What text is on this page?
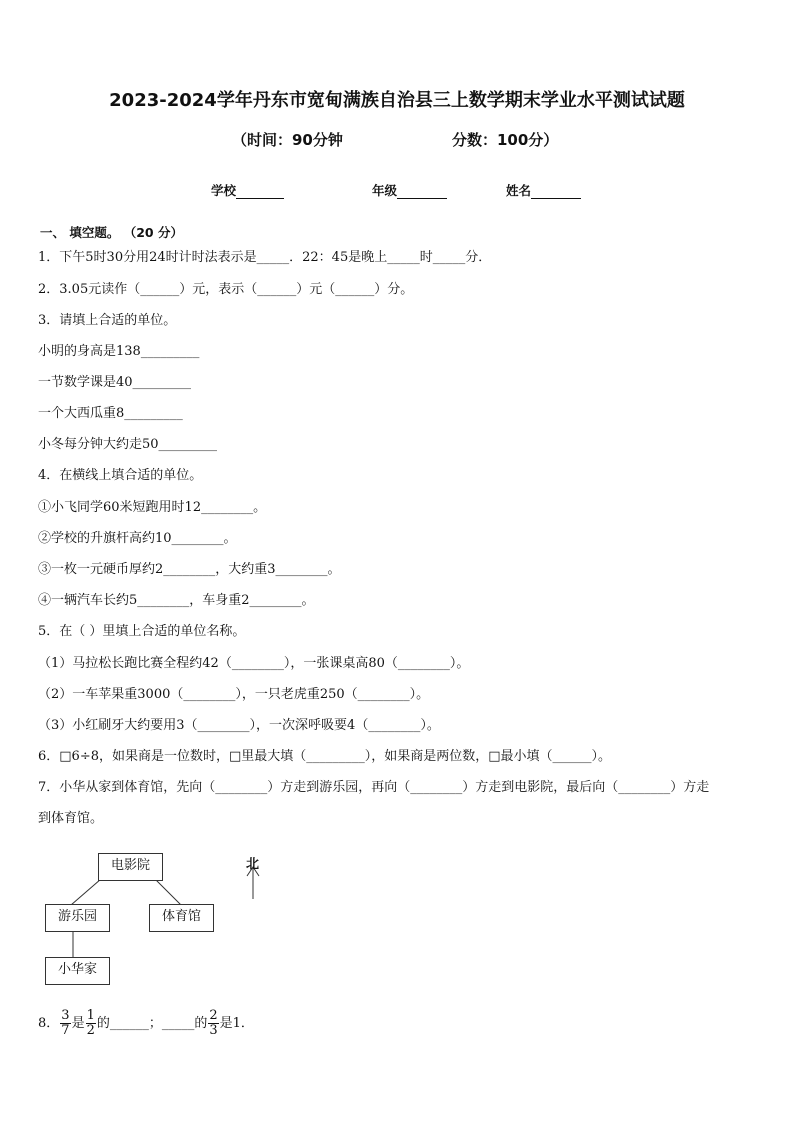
2023-2024学年丹东市宽甸满族自治县三上数学期末学业水平测试试题
（时间：90分钟	分数：100分）
学校	年级	姓名
一、 填空题。 （20 分）
1．下午5时30分用24时计时法表示是_____．22：45是晚上_____时_____分．
2．3.05元读作（______）元，表示（______）元（______）分。
3．请填上合适的单位。
小明的身高是138_________
一节数学课是40_________
一个大西瓜重8_________
小冬每分钟大约走50_________
4．在横线上填合适的单位。
①小飞同学60米短跑用时12________。
②学校的升旗杆高约10________。
③一枚一元硬币厚约2________，大约重3________。
④一辆汽车长约5________，车身重2________。
5．在（ ）里填上合适的单位名称。
（1）马拉松长跑比赛全程约42（________），一张课桌高80（________）。
（2）一车苹果重3000（________），一只老虎重250（________）。
（3）小红刷牙大约要用3（________），一次深呼吸要4（________）。
6．□6÷8，如果商是一位数时，□里最大填（_________），如果商是两位数，□最小填（______）。
7．小华从家到体育馆，先向（________）方走到游乐园，再向（________）方走到电影院，最后向（________）方走
到体育馆。
电影院
游乐园	体育馆
小华家
北
8． $\frac{3}{7}$ 是 $\frac{1}{2}$ 的______；_____的 $\frac{2}{3}$ 是1．
